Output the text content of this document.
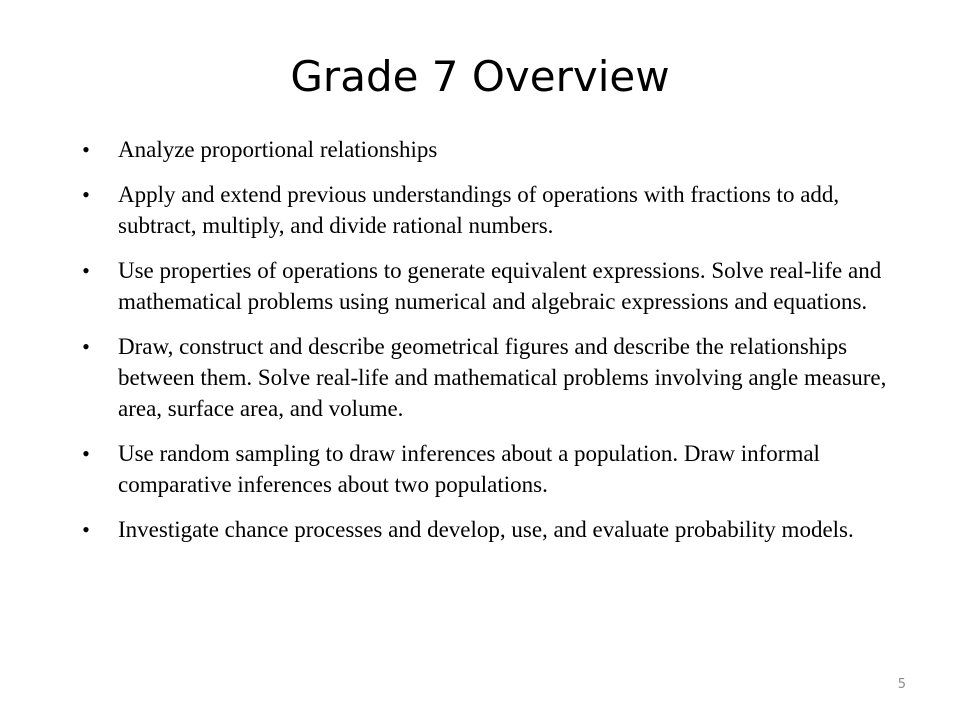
Grade 7 Overview
• Analyze proportional relationships
• Apply and extend previous understandings of operations with fractions to add, subtract, multiply, and divide rational numbers.
• Use properties of operations to generate equivalent expressions. Solve real-life and mathematical problems using numerical and algebraic expressions and equations.
• Draw, construct and describe geometrical figures and describe the relationships between them. Solve real-life and mathematical problems involving angle measure, area, surface area, and volume.
• Use random sampling to draw inferences about a population. Draw informal comparative inferences about two populations.
• Investigate chance processes and develop, use, and evaluate probability models.
5
